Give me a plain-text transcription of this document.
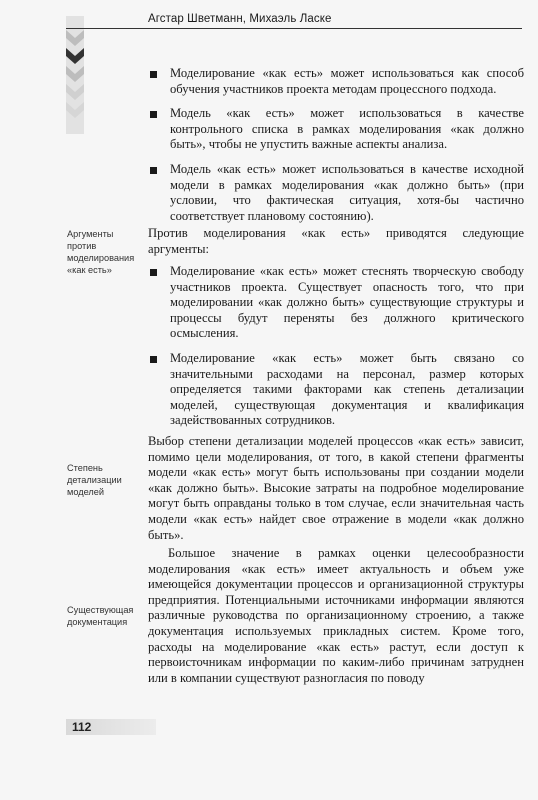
Агстар Шветманн, Михаэль Ласке

Моделирование «как есть» может использоваться как способ обучения участников проекта методам процессного подхода.

Модель «как есть» может использоваться в качестве контрольного списка в рамках моделирования «как должно быть», чтобы не упустить важные аспекты анализа.

Модель «как есть» может использоваться в качестве исходной модели в рамках моделирования «как должно быть» (при условии, что фактическая ситуация, хотя-бы частично соответствует плановому состоянию).

Аргументы против моделирования «как есть»

Против моделирования «как есть» приводятся следующие аргументы:

Моделирование «как есть» может стеснять творческую свободу участников проекта. Существует опасность того, что при моделировании «как должно быть» существующие структуры и процессы будут переняты без должного критического осмысления.

Моделирование «как есть» может быть связано со значительными расходами на персонал, размер которых определяется такими факторами как степень детализации моделей, существующая документация и квалификация задействованных сотрудников.

Степень детализации моделей

Выбор степени детализации моделей процессов «как есть» зависит, помимо цели моделирования, от того, в какой степени фрагменты модели «как есть» могут быть использованы при создании модели «как должно быть». Высокие затраты на подробное моделирование могут быть оправданы только в том случае, если значительная часть модели «как есть» найдет свое отражение в модели «как должно быть».

Существующая документация

Большое значение в рамках оценки целесообразности моделирования «как есть» имеет актуальность и объем уже имеющейся документации процессов и организационной структуры предприятия. Потенциальными источниками информации являются различные руководства по организационному строению, а также документация используемых прикладных систем. Кроме того, расходы на моделирование «как есть» растут, если доступ к первоисточникам информации по каким-либо причинам затруднен или в компании существуют разногласия по поводу

112
